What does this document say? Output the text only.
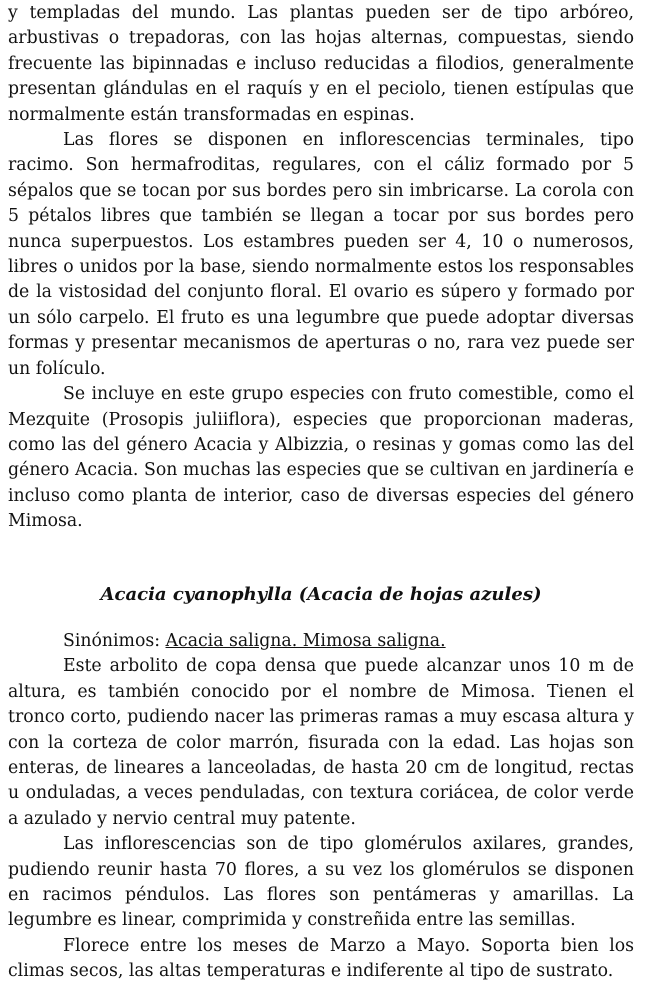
y templadas del mundo. Las plantas pueden ser de tipo arbóreo, arbustivas o trepadoras, con las hojas alternas, compuestas, siendo frecuente las bipinnadas e incluso reducidas a filodios, generalmente presentan glándulas en el raquís y en el peciolo, tienen estípulas que normalmente están transformadas en espinas.

Las flores se disponen en inflorescencias terminales, tipo racimo. Son hermafroditas, regulares, con el cáliz formado por 5 sépalos que se tocan por sus bordes pero sin imbricarse. La corola con 5 pétalos libres que también se llegan a tocar por sus bordes pero nunca superpuestos. Los estambres pueden ser 4, 10 o numerosos, libres o unidos por la base, siendo normalmente estos los responsables de la vistosidad del conjunto floral. El ovario es súpero y formado por un sólo carpelo. El fruto es una legumbre que puede adoptar diversas formas y presentar mecanismos de aperturas o no, rara vez puede ser un folículo.

Se incluye en este grupo especies con fruto comestible, como el Mezquite (Prosopis juliiflora), especies que proporcionan maderas, como las del género Acacia y Albizzia, o resinas y gomas como las del género Acacia. Son muchas las especies que se cultivan en jardinería e incluso como planta de interior, caso de diversas especies del género Mimosa.

Acacia cyanophylla (Acacia de hojas azules)

Sinónimos: Acacia saligna. Mimosa saligna.

Este arbolito de copa densa que puede alcanzar unos 10 m de altura, es también conocido por el nombre de Mimosa. Tienen el tronco corto, pudiendo nacer las primeras ramas a muy escasa altura y con la corteza de color marrón, fisurada con la edad. Las hojas son enteras, de lineares a lanceoladas, de hasta 20 cm de longitud, rectas u onduladas, a veces penduladas, con textura coriácea, de color verde a azulado y nervio central muy patente.

Las inflorescencias son de tipo glomérulos axilares, grandes, pudiendo reunir hasta 70 flores, a su vez los glomérulos se disponen en racimos péndulos. Las flores son pentámeras y amarillas. La legumbre es linear, comprimida y constreñida entre las semillas.

Florece entre los meses de Marzo a Mayo. Soporta bien los climas secos, las altas temperaturas e indiferente al tipo de sustrato.
